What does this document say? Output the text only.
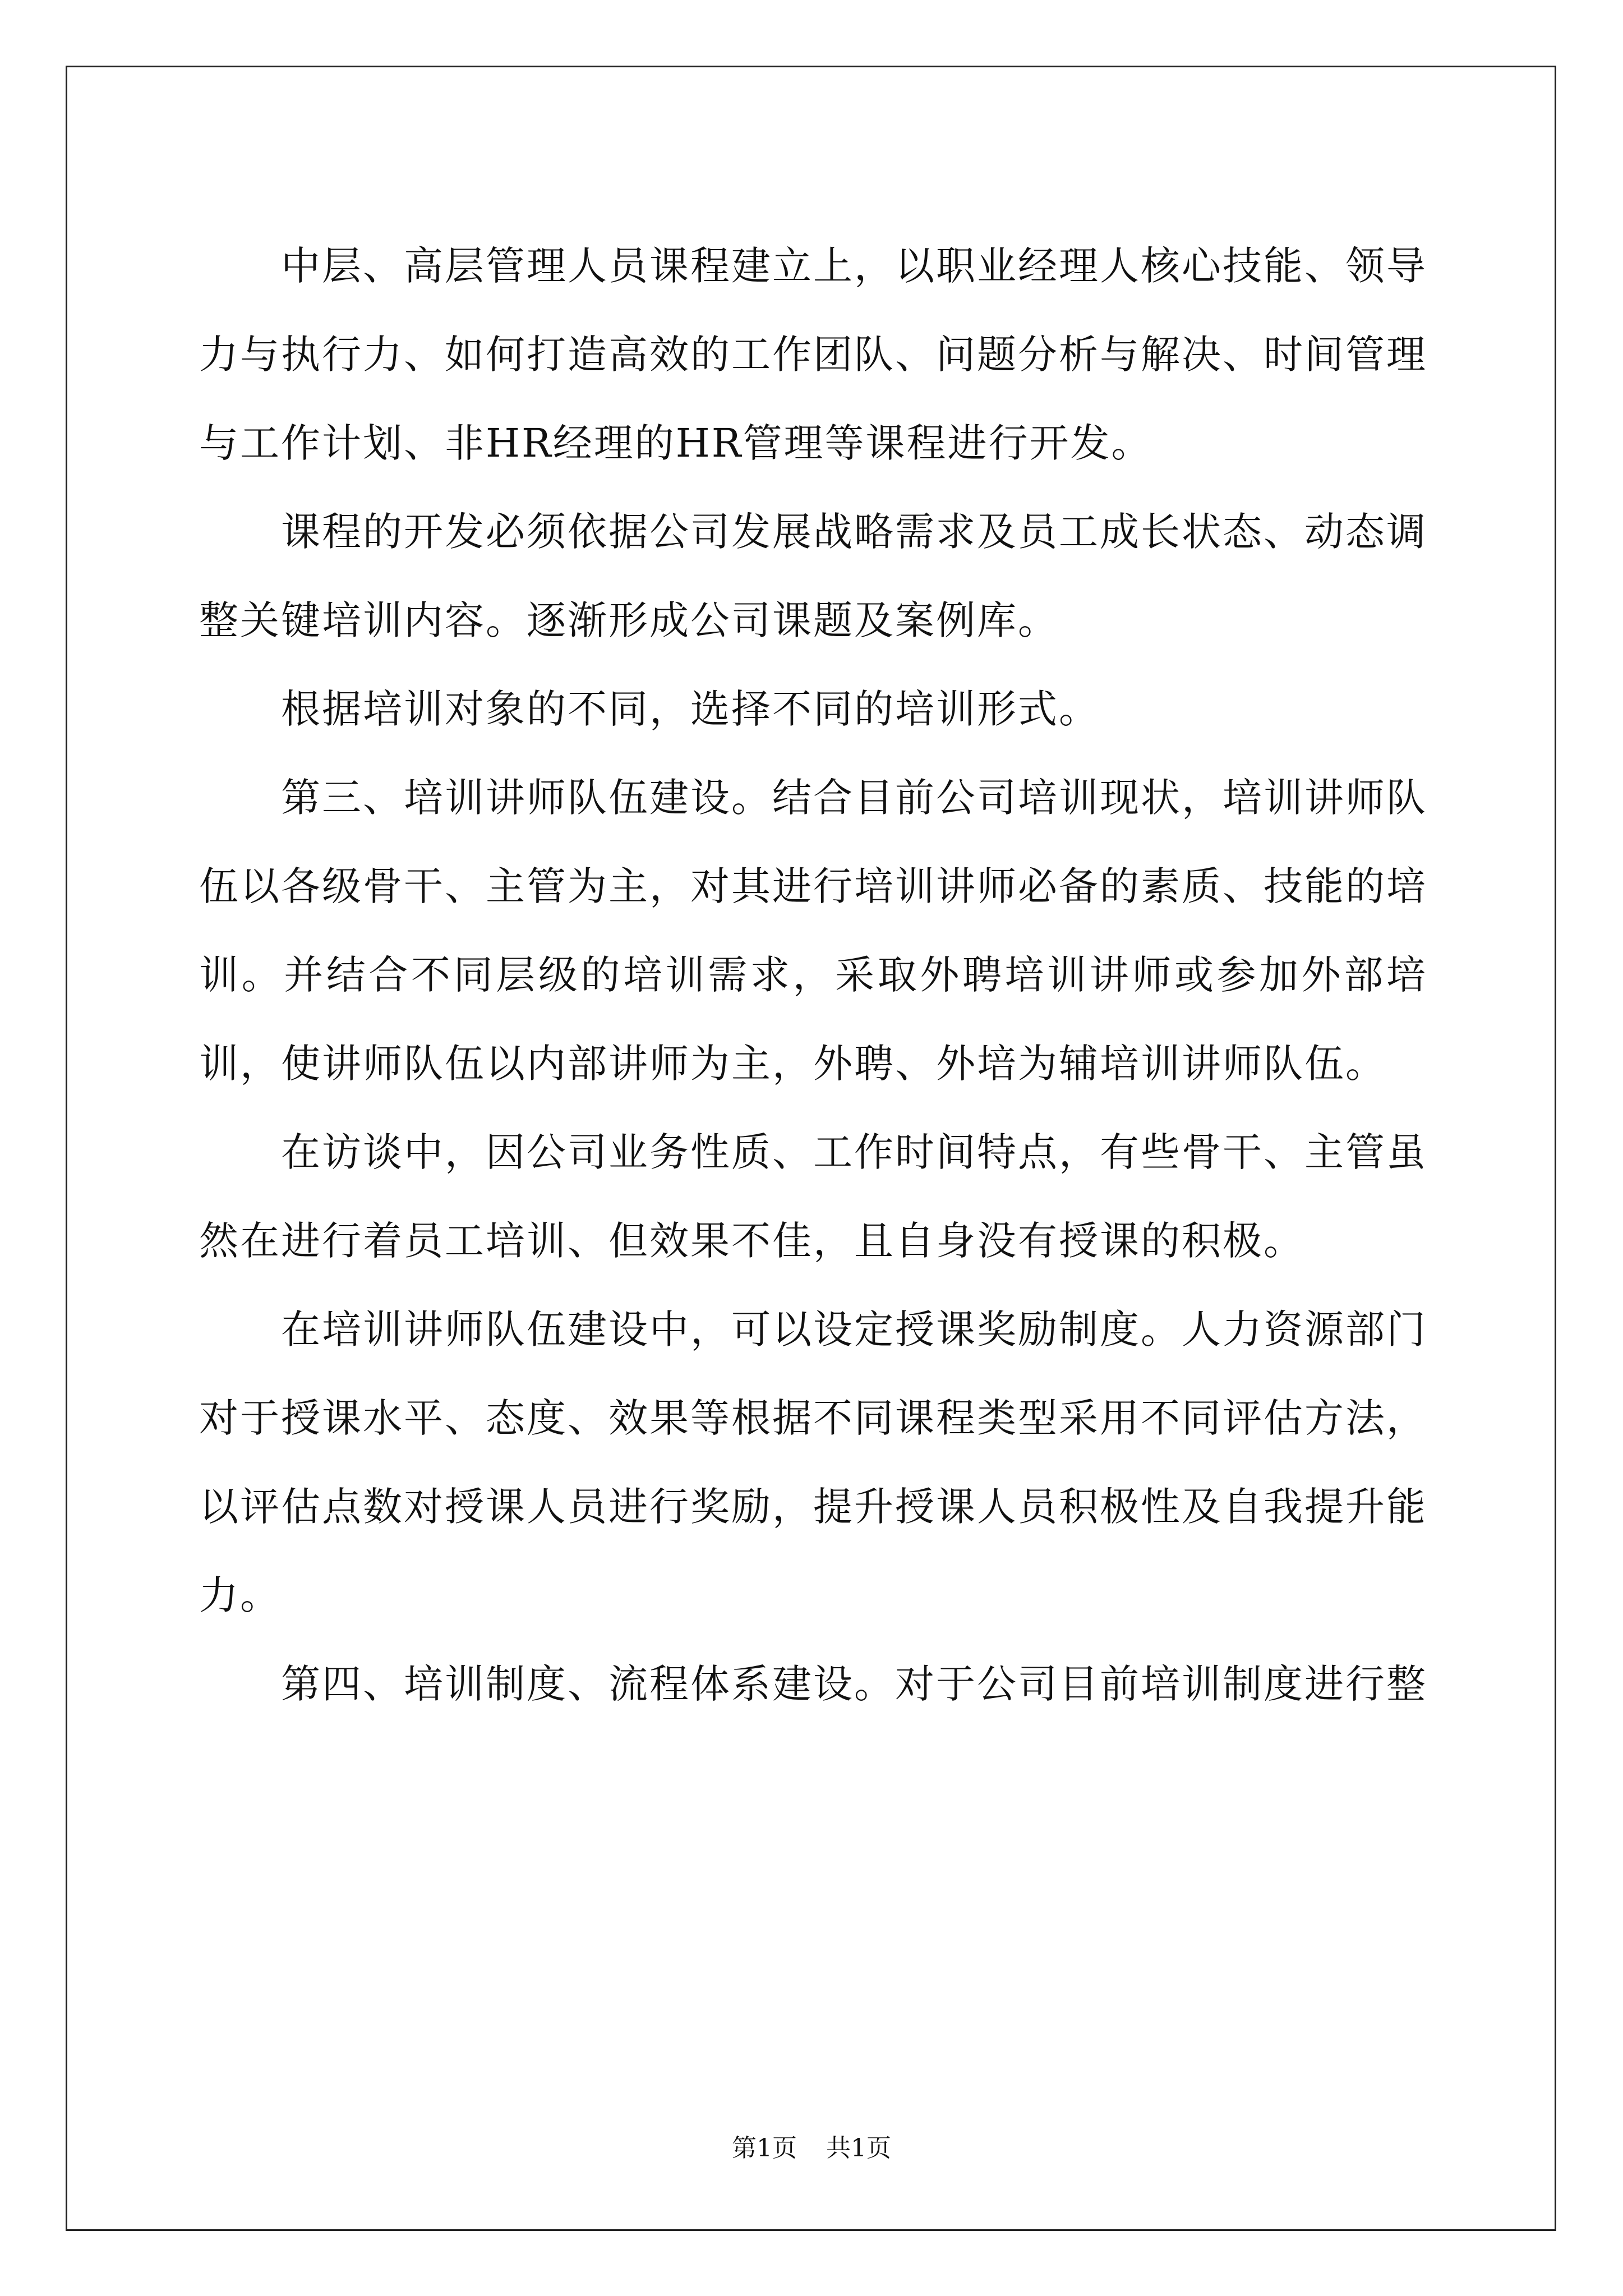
中层、高层管理人员课程建立上，以职业经理人核心技能、领导力与执行力、如何打造高效的工作团队、问题分析与解决、时间管理与工作计划、非HR经理的HR管理等课程进行开发。

课程的开发必须依据公司发展战略需求及员工成长状态、动态调整关键培训内容。逐渐形成公司课题及案例库。

根据培训对象的不同，选择不同的培训形式。

第三、培训讲师队伍建设。结合目前公司培训现状，培训讲师队伍以各级骨干、主管为主，对其进行培训讲师必备的素质、技能的培训。并结合不同层级的培训需求，采取外聘培训讲师或参加外部培训，使讲师队伍以内部讲师为主，外聘、外培为辅培训讲师队伍。

在访谈中，因公司业务性质、工作时间特点，有些骨干、主管虽然在进行着员工培训、但效果不佳，且自身没有授课的积极。

在培训讲师队伍建设中，可以设定授课奖励制度。人力资源部门对于授课水平、态度、效果等根据不同课程类型采用不同评估方法，以评估点数对授课人员进行奖励，提升授课人员积极性及自我提升能力。

第四、培训制度、流程体系建设。对于公司目前培训制度进行整

第1页 共1页
